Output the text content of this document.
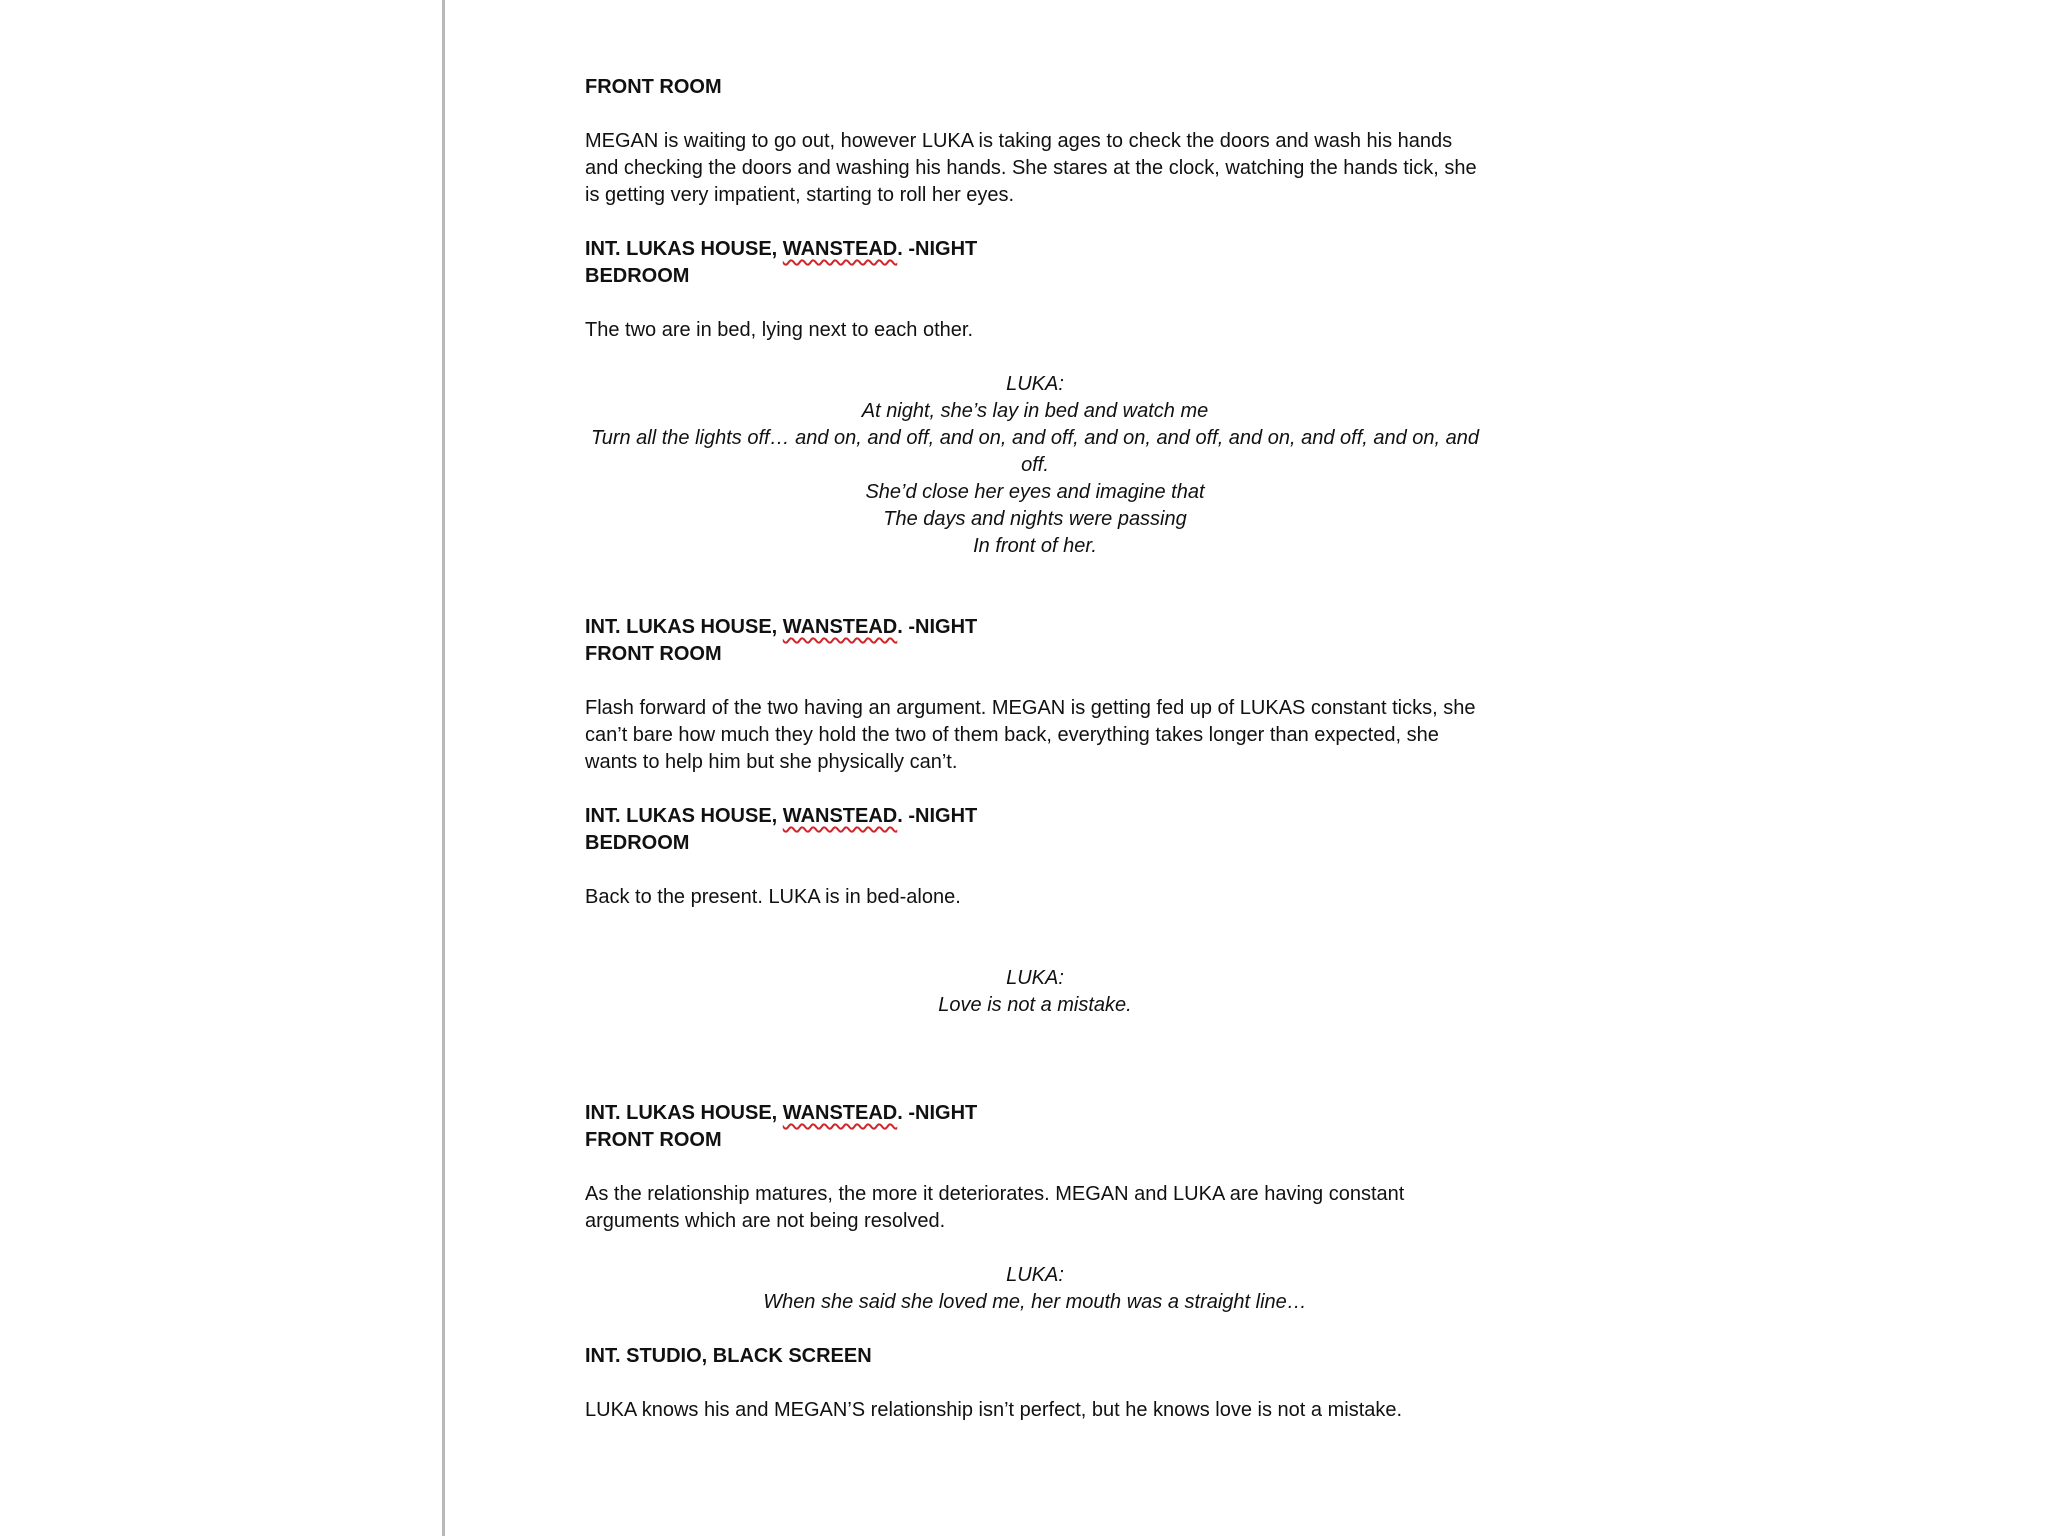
FRONT ROOM

MEGAN is waiting to go out, however LUKA is taking ages to check the doors and wash his hands and checking the doors and washing his hands. She stares at the clock, watching the hands tick, she is getting very impatient, starting to roll her eyes.

INT. LUKAS HOUSE, WANSTEAD. -NIGHT

BEDROOM

The two are in bed, lying next to each other.

LUKA:

At night, she’s lay in bed and watch me

Turn all the lights off… and on, and off, and on, and off, and on, and off, and on, and off, and on, and off.

She’d close her eyes and imagine that

The days and nights were passing

In front of her.

INT. LUKAS HOUSE, WANSTEAD. -NIGHT

FRONT ROOM

Flash forward of the two having an argument. MEGAN is getting fed up of LUKAS constant ticks, she can’t bare how much they hold the two of them back, everything takes longer than expected, she wants to help him but she physically can’t.

INT. LUKAS HOUSE, WANSTEAD. -NIGHT

BEDROOM

Back to the present. LUKA is in bed-alone.

LUKA:

Love is not a mistake.

INT. LUKAS HOUSE, WANSTEAD. -NIGHT

FRONT ROOM

As the relationship matures, the more it deteriorates. MEGAN and LUKA are having constant arguments which are not being resolved.

LUKA:

When she said she loved me, her mouth was a straight line…

INT. STUDIO, BLACK SCREEN

LUKA knows his and MEGAN’S relationship isn’t perfect, but he knows love is not a mistake.
